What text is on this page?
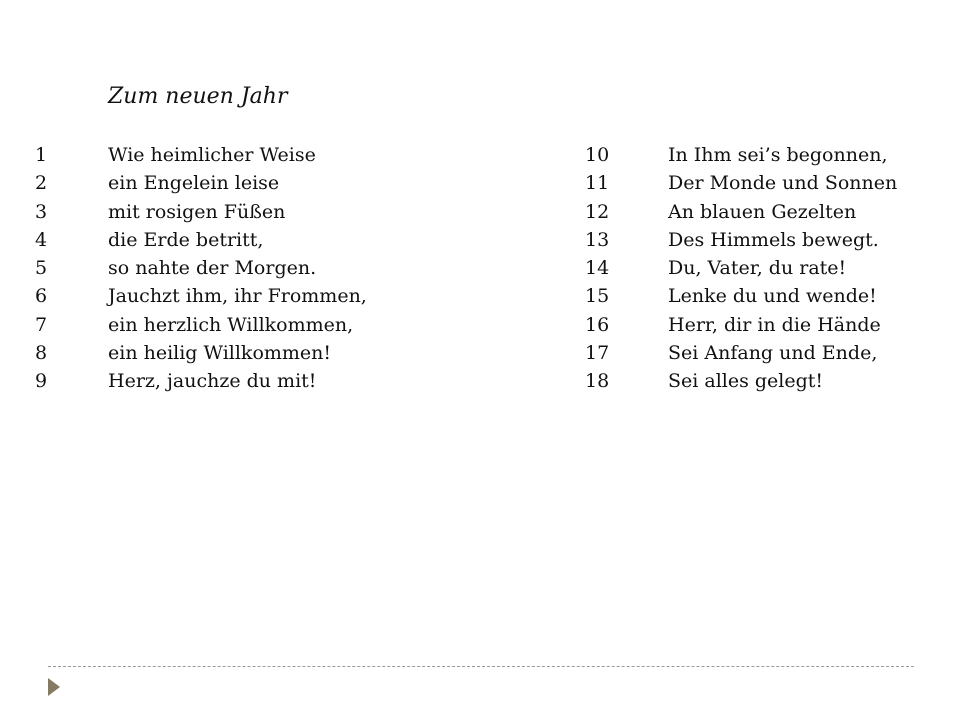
Zum neuen Jahr
1	Wie heimlicher Weise
2	ein Engelein leise
3	mit rosigen Füßen
4	die Erde betritt,
5	so nahte der Morgen.
6	Jauchzt ihm, ihr Frommen,
7	ein herzlich Willkommen,
8	ein heilig Willkommen!
9	Herz, jauchze du mit!
10	In Ihm sei’s begonnen,
11	Der Monde und Sonnen
12	An blauen Gezelten
13	Des Himmels bewegt.
14	Du, Vater, du rate!
15	Lenke du und wende!
16	Herr, dir in die Hände
17	Sei Anfang und Ende,
18	Sei alles gelegt!
